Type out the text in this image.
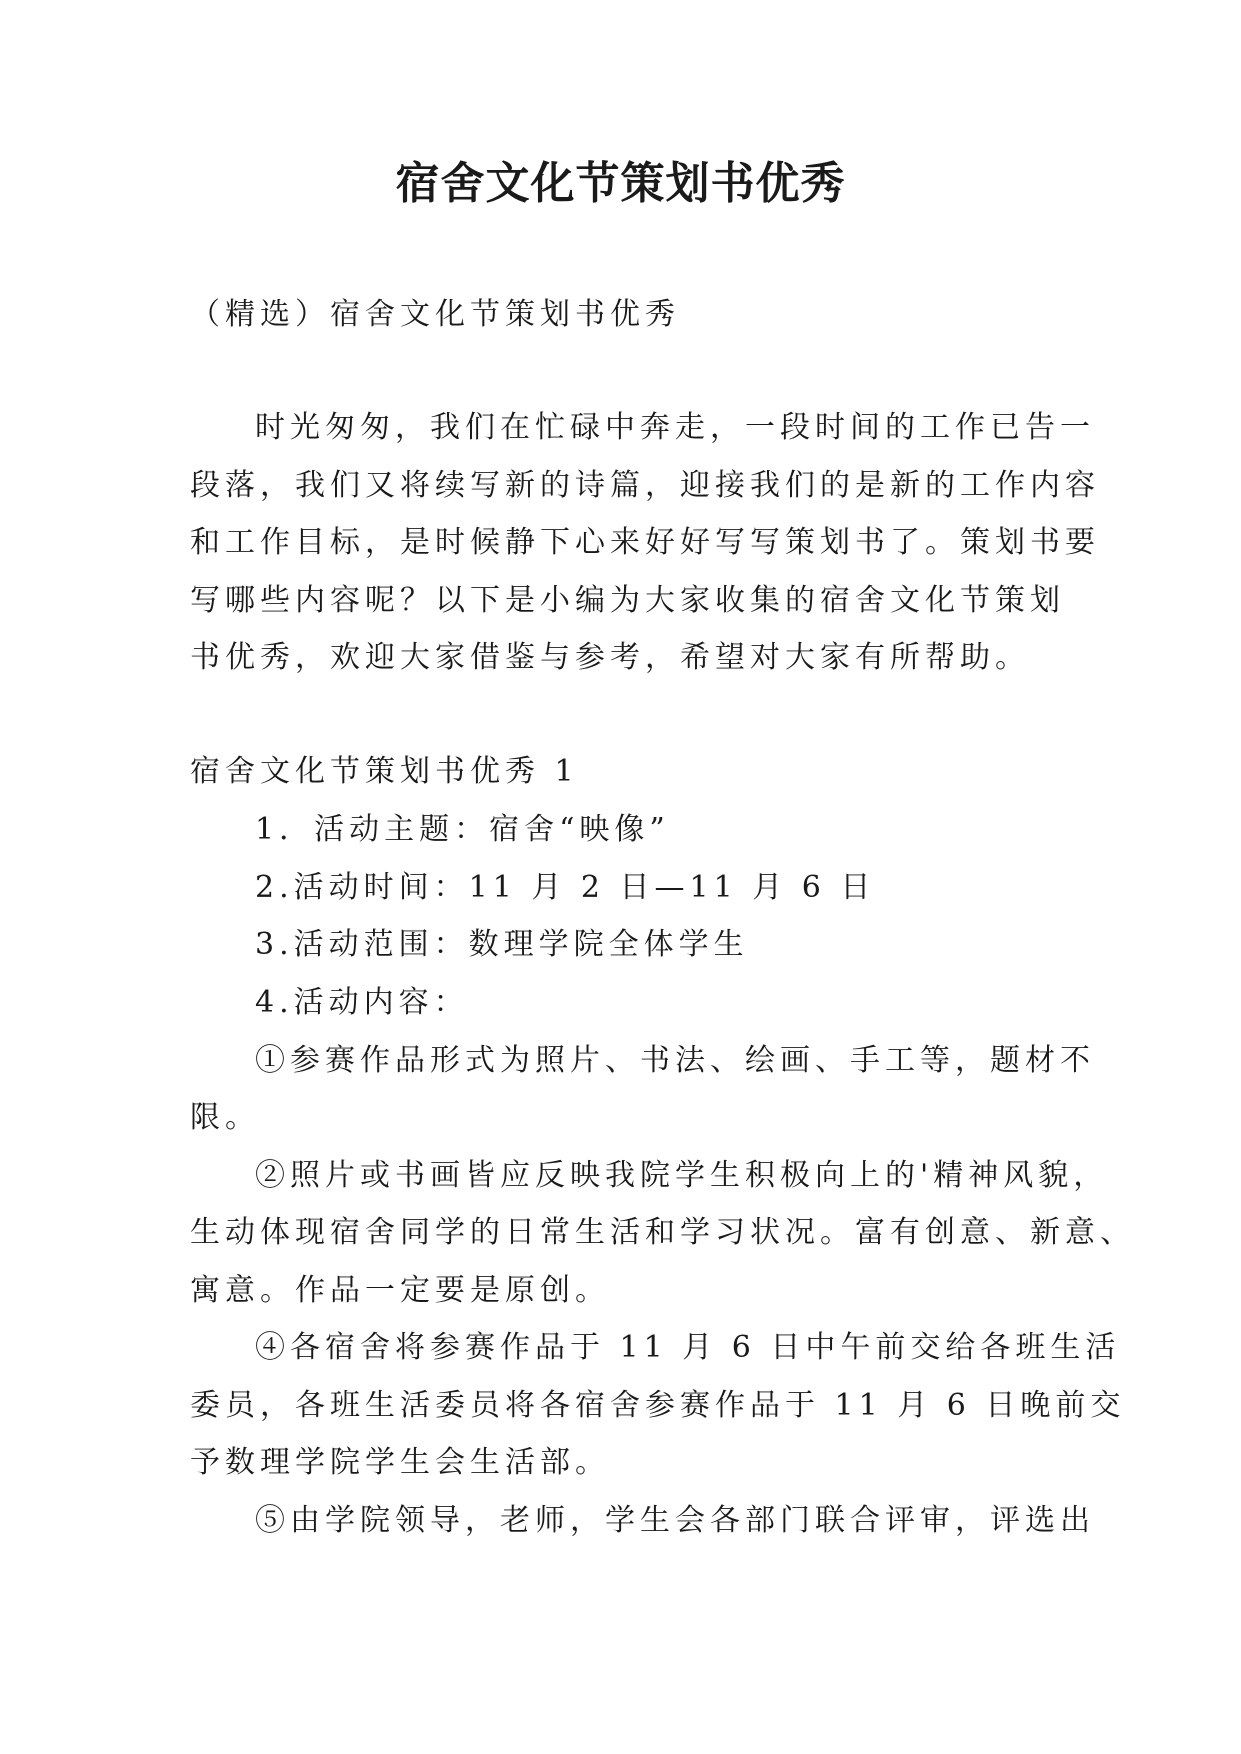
宿舍文化节策划书优秀
（精选）宿舍文化节策划书优秀
时光匆匆，我们在忙碌中奔走，一段时间的工作已告一
段落，我们又将续写新的诗篇，迎接我们的是新的工作内容
和工作目标，是时候静下心来好好写写策划书了。策划书要
写哪些内容呢？以下是小编为大家收集的宿舍文化节策划
书优秀，欢迎大家借鉴与参考，希望对大家有所帮助。
宿舍文化节策划书优秀 1
1．活动主题：宿舍“映像”
2.活动时间：11 月 2 日—11 月 6 日
3.活动范围：数理学院全体学生
4.活动内容：
①参赛作品形式为照片、书法、绘画、手工等，题材不
限。
②照片或书画皆应反映我院学生积极向上的'精神风貌，
生动体现宿舍同学的日常生活和学习状况。富有创意、新意、
寓意。作品一定要是原创。
④各宿舍将参赛作品于 11 月 6 日中午前交给各班生活
委员，各班生活委员将各宿舍参赛作品于 11 月 6 日晚前交
予数理学院学生会生活部。
⑤由学院领导，老师，学生会各部门联合评审，评选出
